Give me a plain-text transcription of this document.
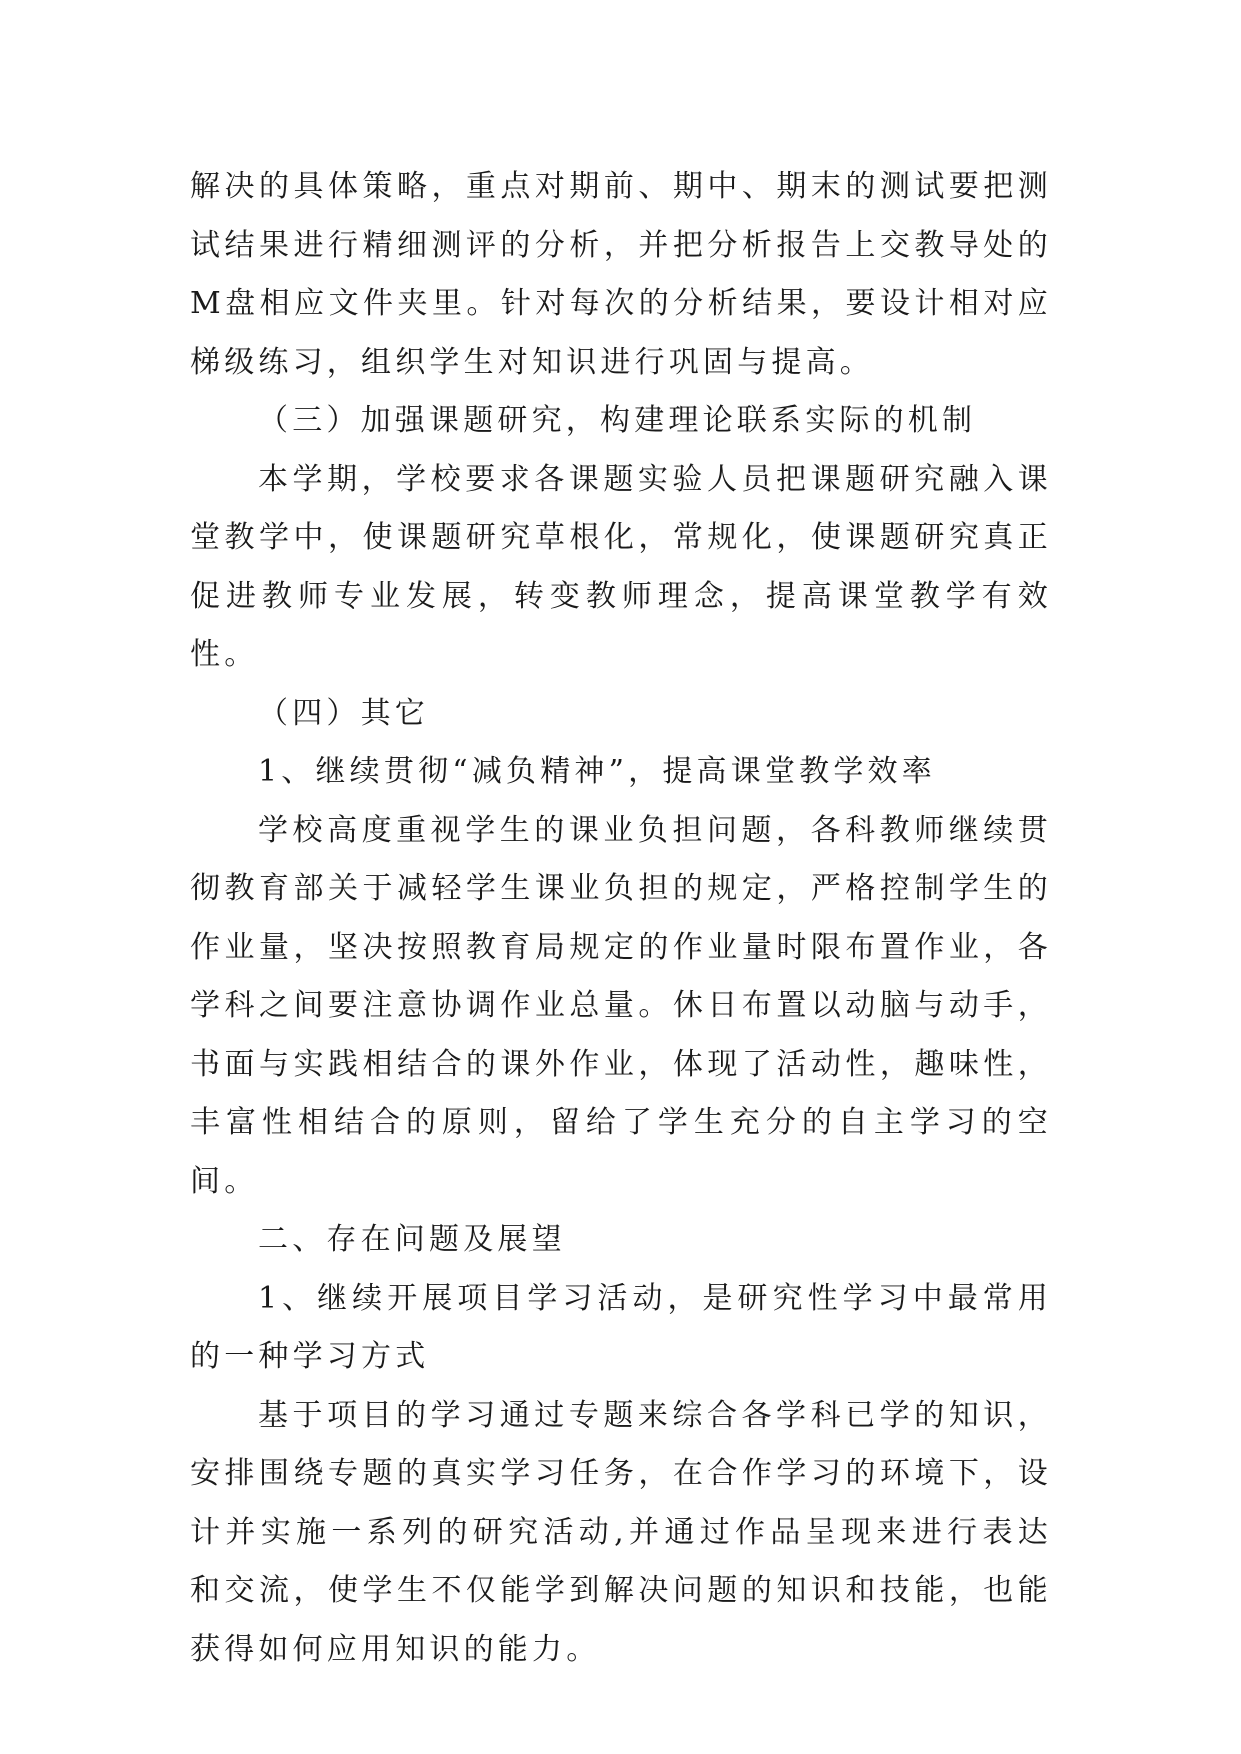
解决的具体策略，重点对期前、期中、期末的测试要把测试结果进行精细测评的分析，并把分析报告上交教导处的M盘相应文件夹里。针对每次的分析结果，要设计相对应梯级练习，组织学生对知识进行巩固与提高。

（三）加强课题研究，构建理论联系实际的机制

本学期，学校要求各课题实验人员把课题研究融入课堂教学中，使课题研究草根化，常规化，使课题研究真正促进教师专业发展，转变教师理念，提高课堂教学有效性。

（四）其它

1、继续贯彻“减负精神”，提高课堂教学效率

学校高度重视学生的课业负担问题，各科教师继续贯彻教育部关于减轻学生课业负担的规定，严格控制学生的作业量，坚决按照教育局规定的作业量时限布置作业，各学科之间要注意协调作业总量。休日布置以动脑与动手，书面与实践相结合的课外作业，体现了活动性，趣味性，丰富性相结合的原则，留给了学生充分的自主学习的空间。

二、存在问题及展望

1、继续开展项目学习活动，是研究性学习中最常用的一种学习方式

基于项目的学习通过专题来综合各学科已学的知识，安排围绕专题的真实学习任务，在合作学习的环境下，设计并实施一系列的研究活动,并通过作品呈现来进行表达和交流，使学生不仅能学到解决问题的知识和技能，也能获得如何应用知识的能力。
